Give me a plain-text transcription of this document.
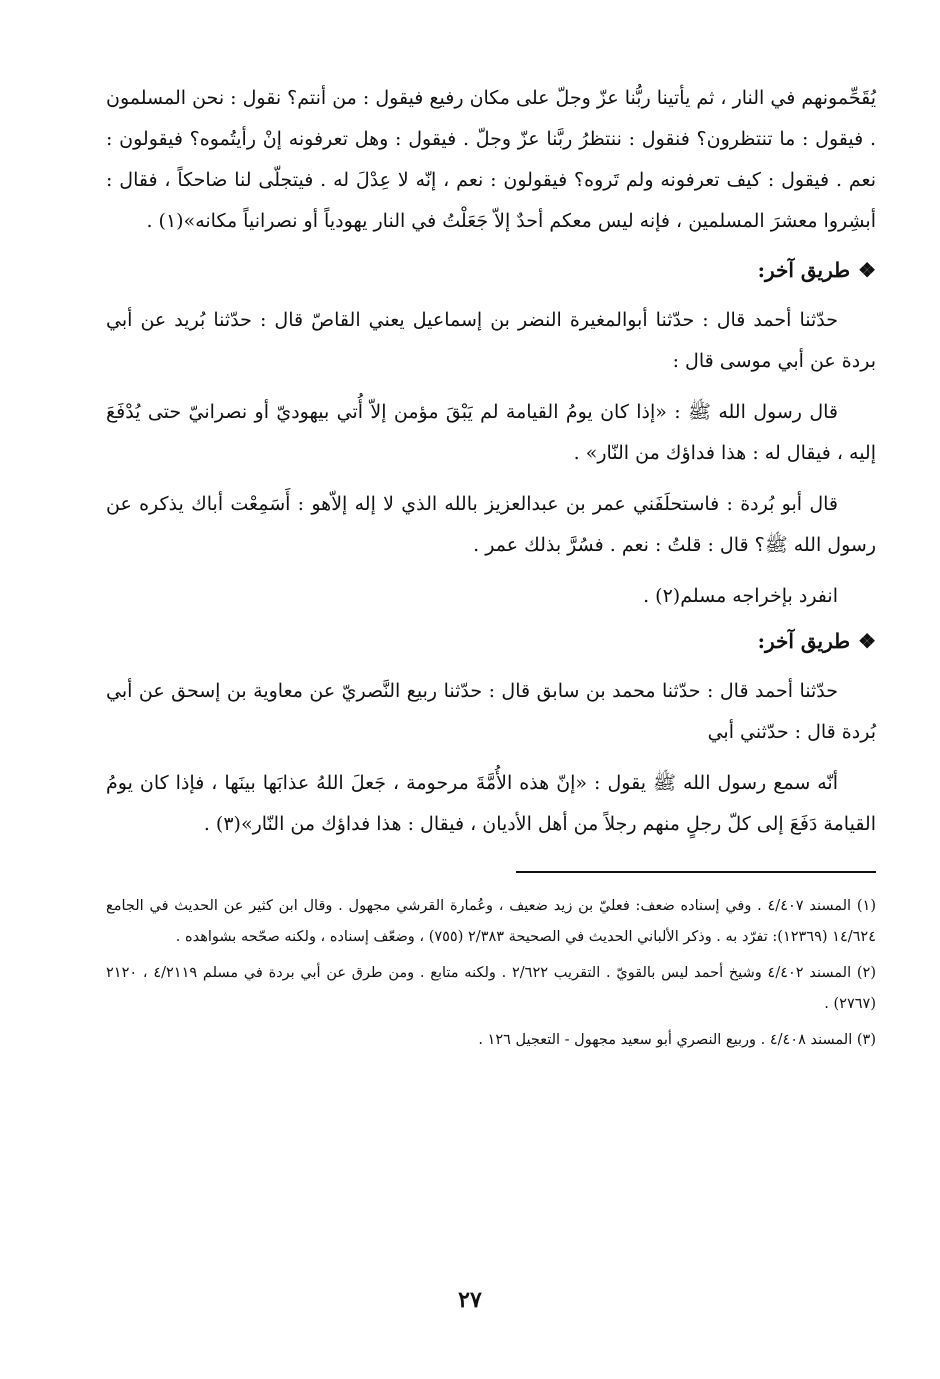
يُقَحِّمونهم في النار ، ثم يأتينا ربُّنا عزّ وجلّ على مكان رفيع فيقول : من أنتم؟ نقول : نحن المسلمون . فيقول : ما تنتظرون؟ فنقول : ننتظرُ ربَّنا عزّ وجلّ . فيقول : وهل تعرفونه إنْ رأيتُموه؟ فيقولون : نعم . فيقول : كيف تعرفونه ولم تَروه؟ فيقولون : نعم ، إنّه لا عِدْلَ له . فيتجلّى لنا ضاحكاً ، فقال : أبشِروا معشرَ المسلمين ، فإنه ليس معكم أحدٌ إلاّ جَعَلْتُ في النار يهودياً أو نصرانياً مكانه»(١) .

❖طريق آخر:

حدّثنا أحمد قال : حدّثنا أبوالمغيرة النضر بن إسماعيل يعني القاصّ قال : حدّثنا بُريد عن أبي بردة عن أبي موسى قال :

قال رسول الله ﷺ : «إذا كان يومُ القيامة لم يَبْقَ مؤمن إلاّ أُتي بيهوديّ أو نصرانيّ حتى يُدْفَعَ إليه ، فيقال له : هذا فداؤك من النّار» .

قال أبو بُردة : فاستحلَفَني عمر بن عبدالعزيز بالله الذي لا إله إلاّهو : أَسَمِعْت أباك يذكره عن رسول الله ﷺ؟ قال : قلتُ : نعم . فسُرَّ بذلك عمر .

انفرد بإخراجه مسلم(٢) .

❖طريق آخر:

حدّثنا أحمد قال : حدّثنا محمد بن سابق قال : حدّثنا ربيع النَّصريّ عن معاوية بن إسحق عن أبي بُردة قال : حدّثني أبي

أنّه سمع رسول الله ﷺ يقول : «إنّ هذه الأُمَّةَ مرحومة ، جَعلَ اللهُ عذابَها بينَها ، فإذا كان يومُ القيامة دَفَعَ إلى كلّ رجلٍ منهم رجلاً من أهل الأديان ، فيقال : هذا فداؤك من النّار»(٣) .

(١) المسند ٤/٤٠٧ . وفي إسناده ضعف: فعليّ بن زيد ضعيف ، وعُمارة القرشي مجهول . وقال ابن كثير عن الحديث في الجامع ١٤/٦٢٤ (١٢٣٦٩): تفرّد به . وذكر الألباني الحديث في الصحيحة ٢/٣٨٣ (٧٥٥) ، وضعّف إسناده ، ولكنه صحّحه بشواهده .

(٢) المسند ٤/٤٠٢ وشيخ أحمد ليس بالقويّ . التقريب ٢/٦٢٢ . ولكنه متابع . ومن طرق عن أبي بردة في مسلم ٤/٢١١٩ ، ٢١٢٠ (٢٧٦٧) .

(٣) المسند ٤/٤٠٨ . وربيع النصري أبو سعيد مجهول - التعجيل ١٢٦ .

٢٧
